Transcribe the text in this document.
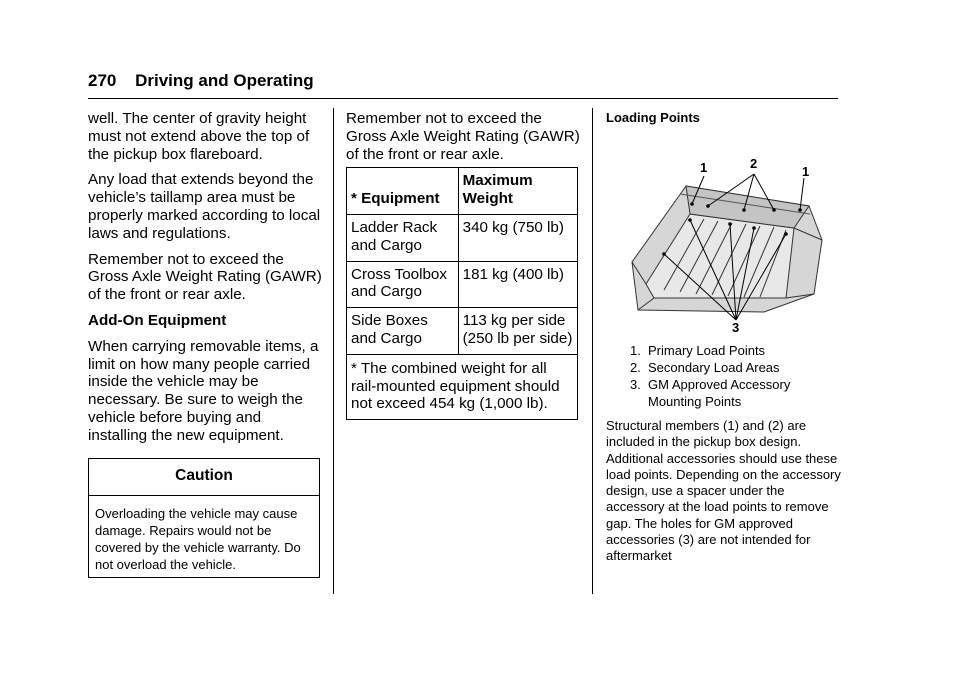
270 Driving and Operating

well. The center of gravity height must not extend above the top of the pickup box flareboard.

Any load that extends beyond the vehicle’s taillamp area must be properly marked according to local laws and regulations.

Remember not to exceed the Gross Axle Weight Rating (GAWR) of the front or rear axle.

Add-On Equipment

When carrying removable items, a limit on how many people carried inside the vehicle may be necessary. Be sure to weigh the vehicle before buying and installing the new equipment.

Caution

Overloading the vehicle may cause damage. Repairs would not be covered by the vehicle warranty. Do not overload the vehicle.

Remember not to exceed the Gross Axle Weight Rating (GAWR) of the front or rear axle.

* Equipment	Maximum Weight
Ladder Rack and Cargo	340 kg (750 lb)
Cross Toolbox and Cargo	181 kg (400 lb)
Side Boxes and Cargo	113 kg per side (250 lb per side)
* The combined weight for all rail-mounted equipment should not exceed 454 kg (1,000 lb).	

Loading Points

1	2
1
3
1. Primary Load Points
2. Secondary Load Areas
3. GM Approved Accessory Mounting Points

Structural members (1) and (2) are included in the pickup box design. Additional accessories should use these load points. Depending on the accessory design, use a spacer under the accessory at the load points to remove gap. The holes for GM approved accessories (3) are not intended for aftermarket
